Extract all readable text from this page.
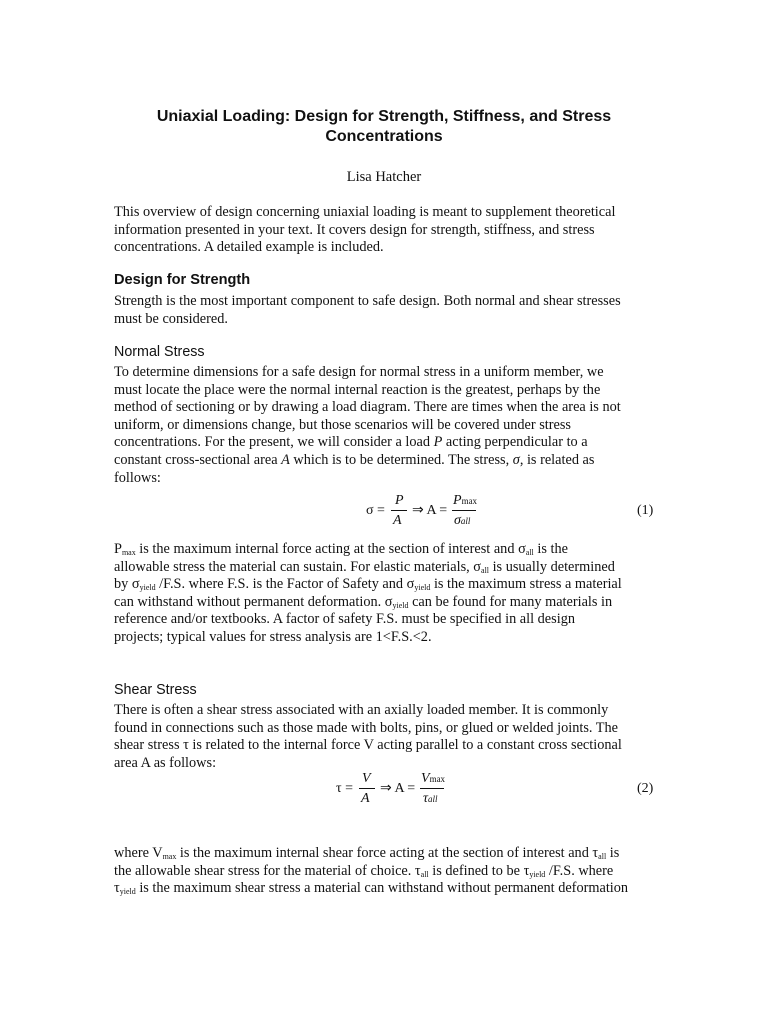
Uniaxial Loading: Design for Strength, Stiffness, and Stress
Concentrations

Lisa Hatcher

This overview of design concerning uniaxial loading is meant to supplement theoretical
information presented in your text. It covers design for strength, stiffness, and stress
concentrations. A detailed example is included.

Design for Strength

Strength is the most important component to safe design. Both normal and shear stresses
must be considered.

Normal Stress

To determine dimensions for a safe design for normal stress in a uniform member, we
must locate the place were the normal internal reaction is the greatest, perhaps by the
method of sectioning or by drawing a load diagram. There are times when the area is not
uniform, or dimensions change, but those scenarios will be covered under stress
concentrations. For the present, we will consider a load P acting perpendicular to a
constant cross-sectional area A which is to be determined. The stress, σ, is related as
follows:

σ =
P
A
⇒ A =
Pmax
σall
(1)

$P_{max}$ is the maximum internal force acting at the section of interest and $\sigma_{all}$ is the
allowable stress the material can sustain. For elastic materials, $\sigma_{all}$ is usually determined
by $\sigma_{yield}$ /F.S. where F.S. is the Factor of Safety and $\sigma_{yield}$ is the maximum stress a material
can withstand without permanent deformation. $\sigma_{yield}$ can be found for many materials in
reference and/or textbooks. A factor of safety F.S. must be specified in all design
projects; typical values for stress analysis are 1<F.S.<2.

Shear Stress

There is often a shear stress associated with an axially loaded member. It is commonly
found in connections such as those made with bolts, pins, or glued or welded joints. The
shear stress τ is related to the internal force V acting parallel to a constant cross sectional
area A as follows:

τ =
V
A
⇒ A =
Vmax
τall
(2)

where $V_{max}$ is the maximum internal shear force acting at the section of interest and $\tau_{all}$ is
the allowable shear stress for the material of choice. $\tau_{all}$ is defined to be $\tau_{yield}$ /F.S. where
$\tau_{yield}$ is the maximum shear stress a material can withstand without permanent deformation
